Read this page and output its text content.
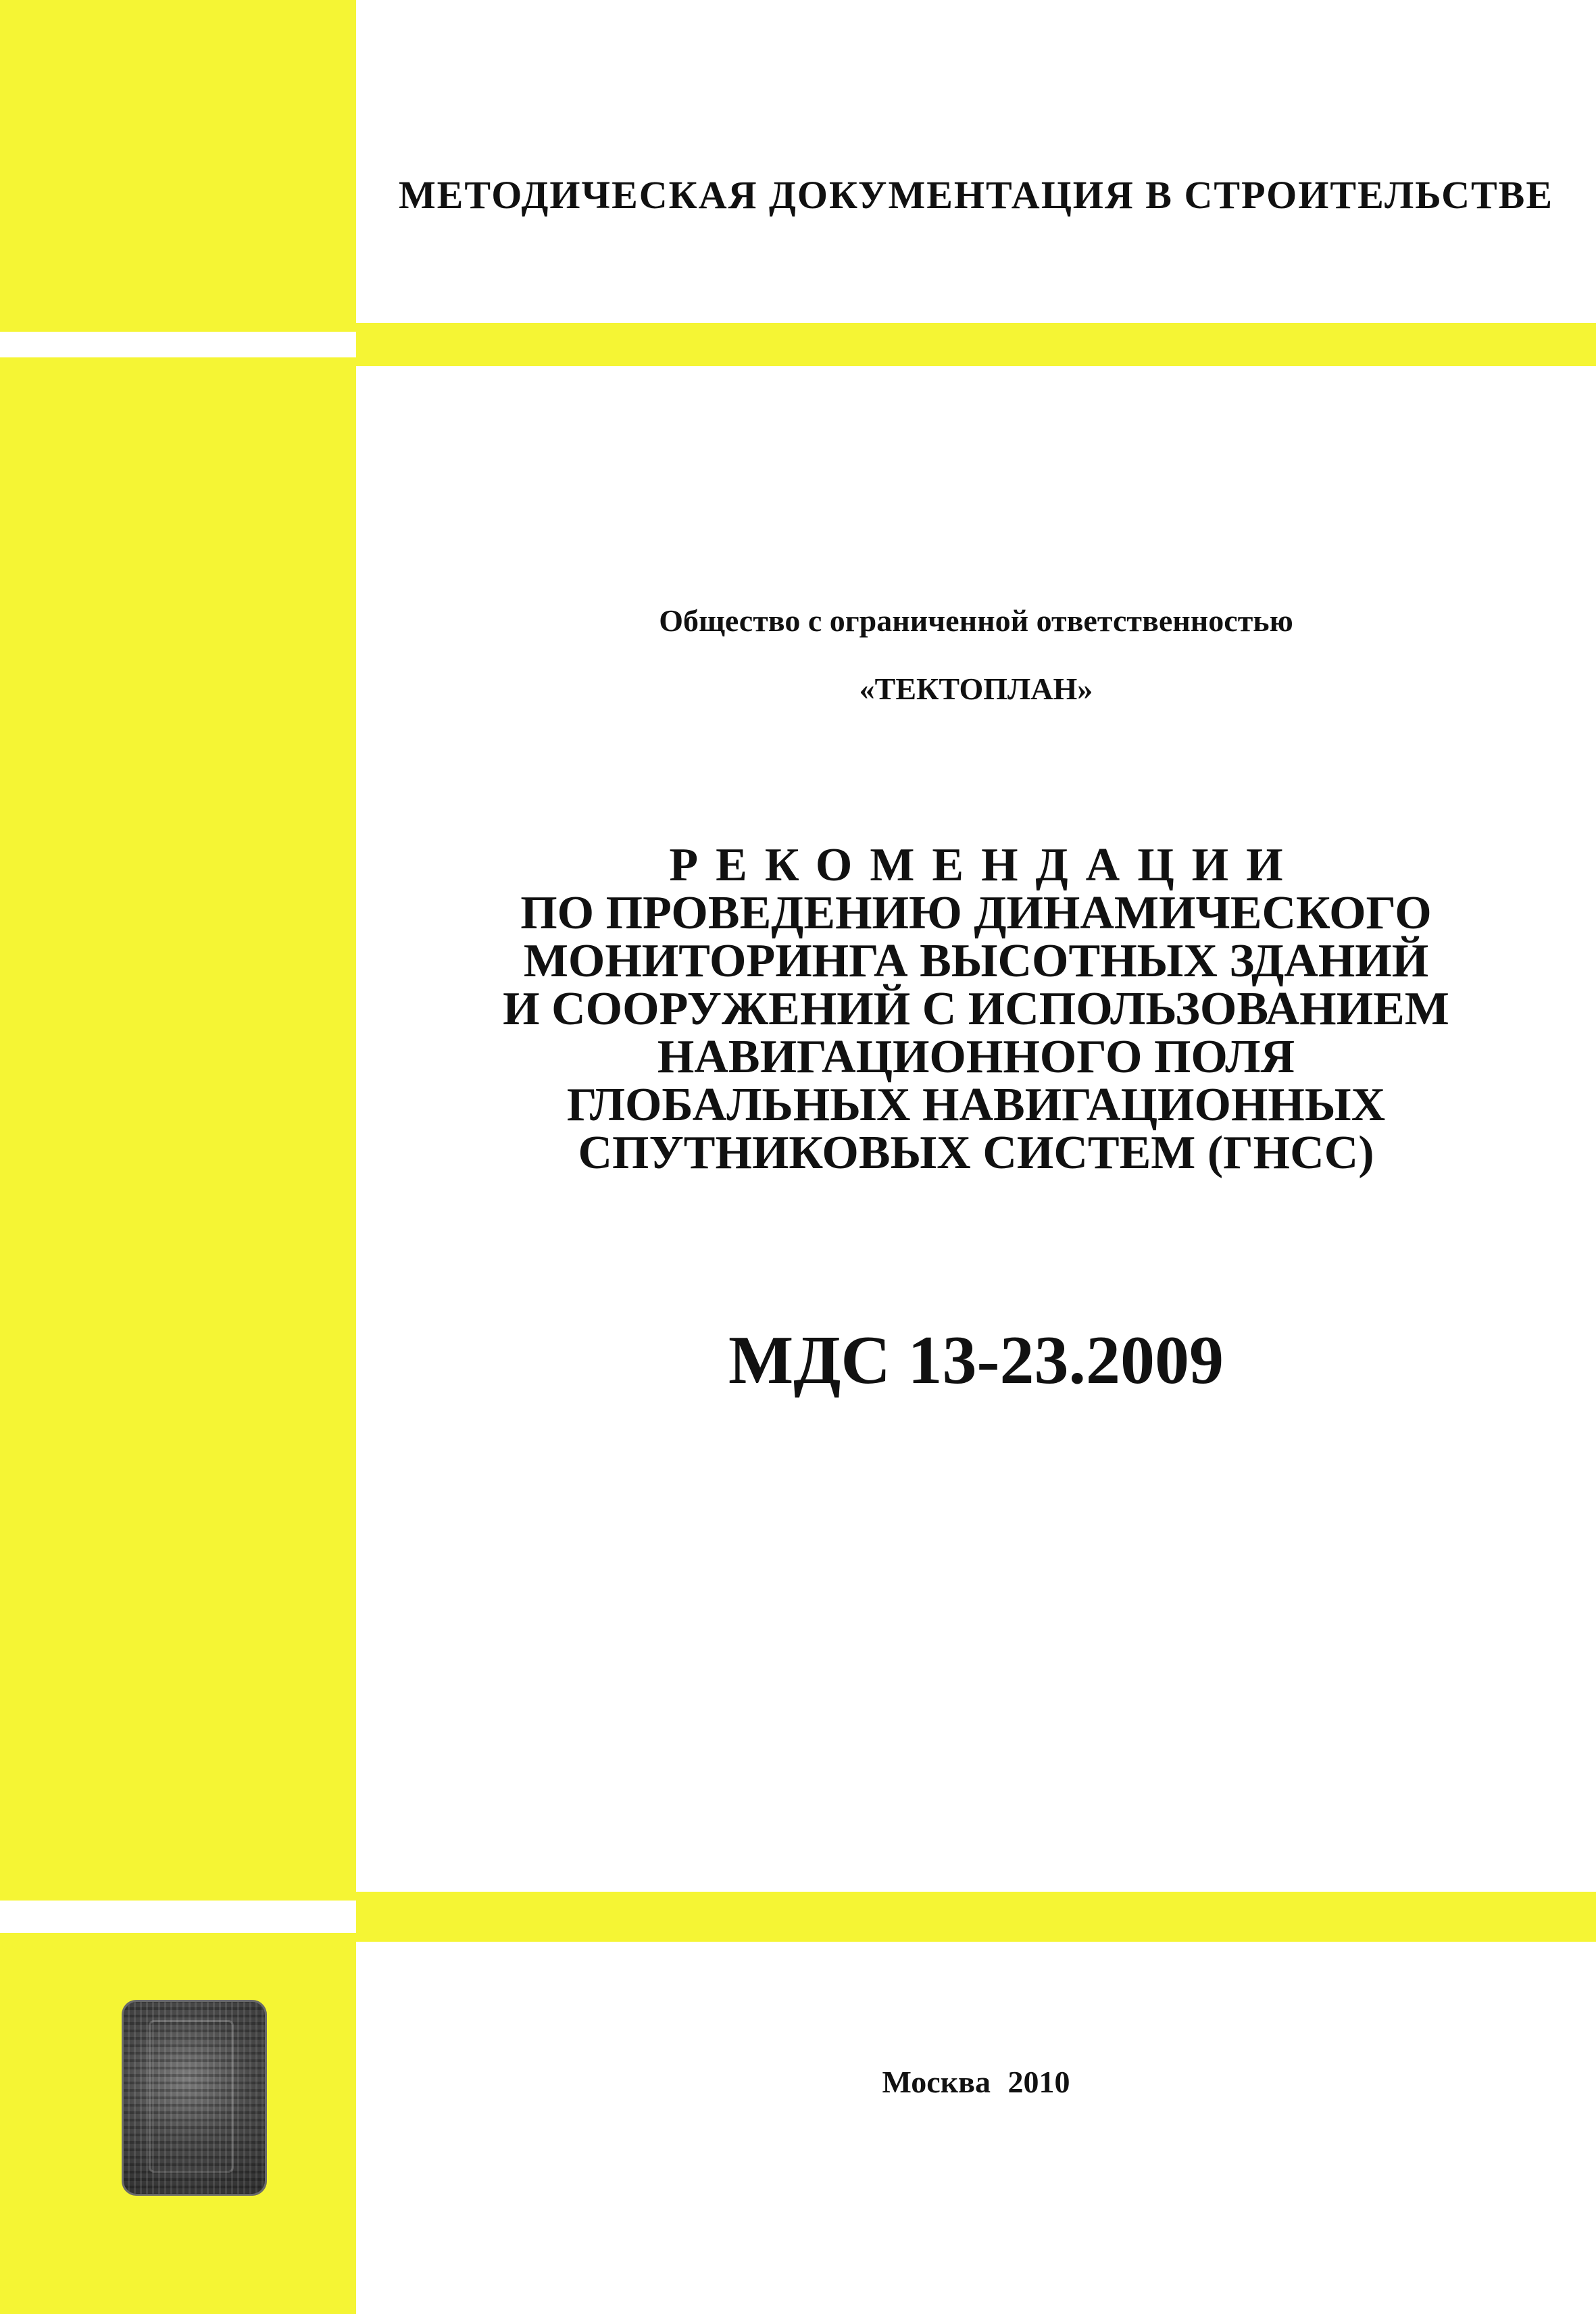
МЕТОДИЧЕСКАЯ ДОКУМЕНТАЦИЯ В СТРОИТЕЛЬСТВЕ
Общество с ограниченной ответственностью
«ТЕКТОПЛАН»
РЕКОМЕНДАЦИИ
ПО ПРОВЕДЕНИЮ ДИНАМИЧЕСКОГО
МОНИТОРИНГА ВЫСОТНЫХ ЗДАНИЙ
И СООРУЖЕНИЙ С ИСПОЛЬЗОВАНИЕМ
НАВИГАЦИОННОГО ПОЛЯ
ГЛОБАЛЬНЫХ НАВИГАЦИОННЫХ
СПУТНИКОВЫХ СИСТЕМ (ГНСС)
МДС 13-23.2009
Москва 2010
